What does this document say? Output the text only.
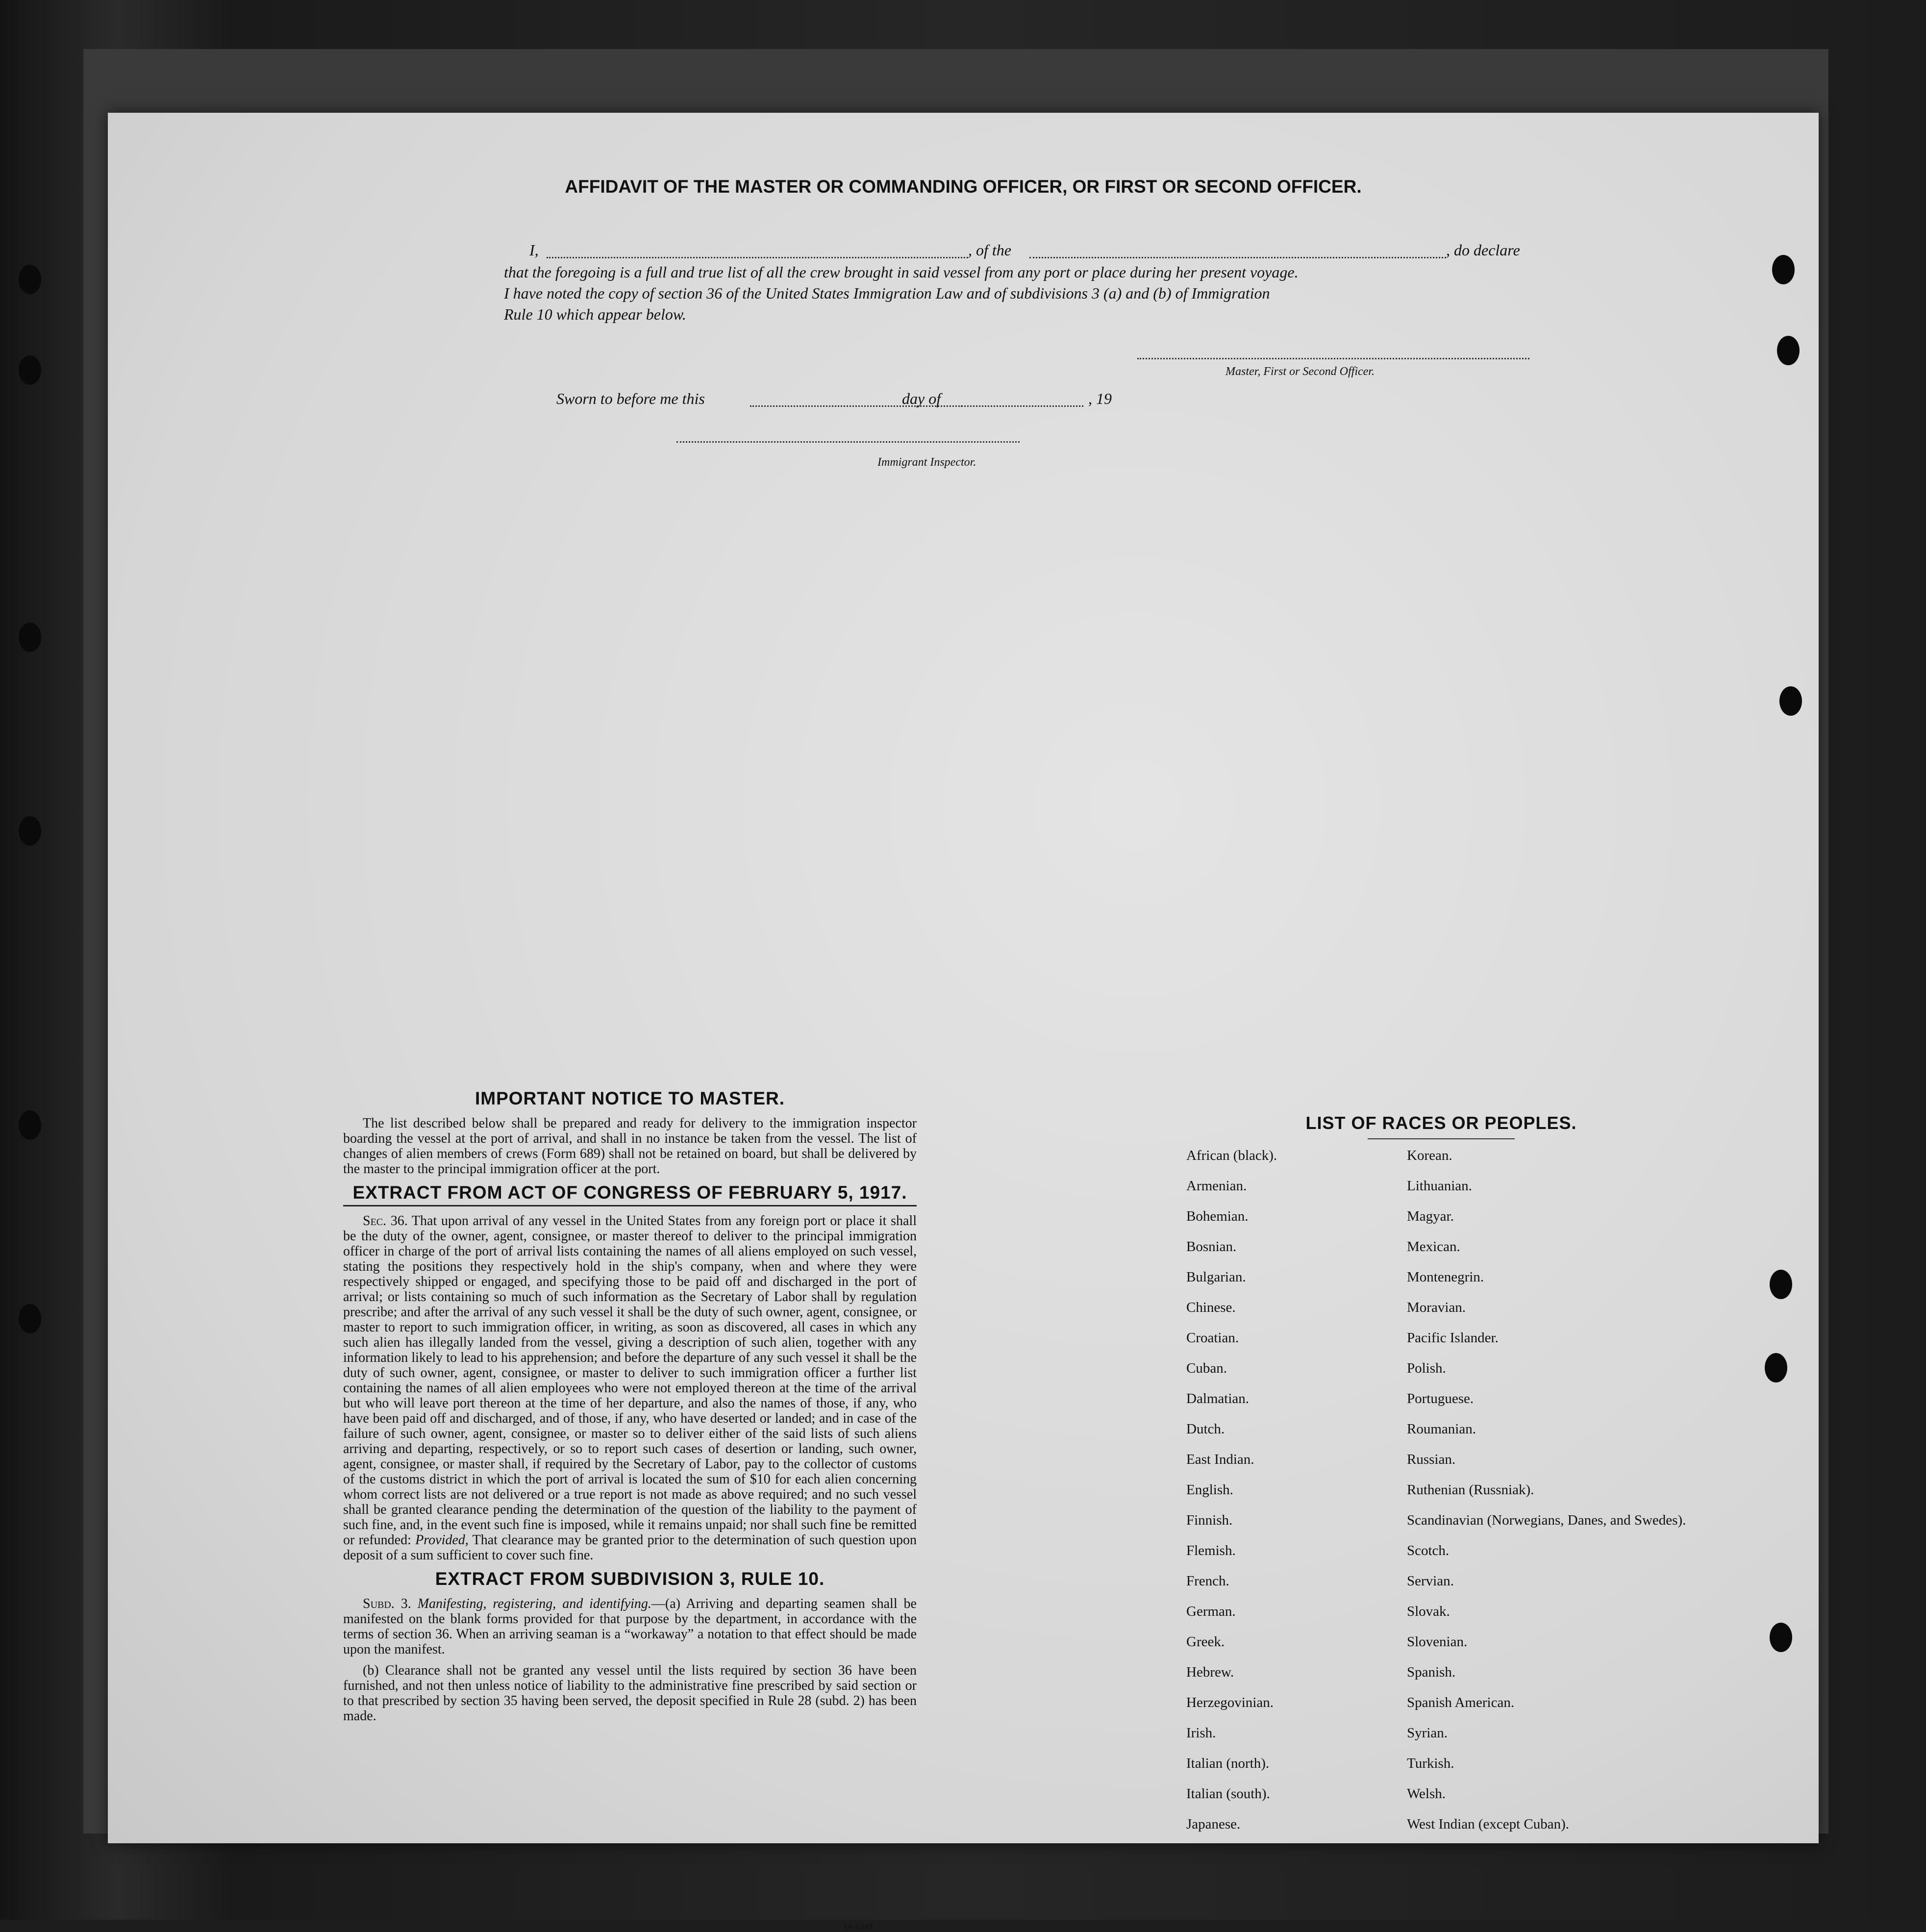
AFFIDAVIT OF THE MASTER OR COMMANDING OFFICER, OR FIRST OR SECOND OFFICER.
I,	, of the	, do declare
that the foregoing is a full and true list of all the crew brought in said vessel from any port or place during her present voyage.
I have noted the copy of section 36 of the United States Immigration Law and of subdivisions 3 (a) and (b) of Immigration
Rule 10 which appear below.
Master, First or Second Officer.
Sworn to before me this	day of	, 19
Immigrant Inspector.
IMPORTANT NOTICE TO MASTER.

The list described below shall be prepared and ready for delivery to the immigration inspector boarding the vessel at the port of arrival, and shall in no instance be taken from the vessel. The list of changes of alien members of crews (Form 689) shall not be retained on board, but shall be delivered by the master to the principal immigration officer at the port.

EXTRACT FROM ACT OF CONGRESS OF FEBRUARY 5, 1917.

Sec. 36. That upon arrival of any vessel in the United States from any foreign port or place it shall be the duty of the owner, agent, consignee, or master thereof to deliver to the principal immigration officer in charge of the port of arrival lists containing the names of all aliens employed on such vessel, stating the positions they respectively hold in the ship's company, when and where they were respectively shipped or engaged, and specifying those to be paid off and discharged in the port of arrival; or lists containing so much of such information as the Secretary of Labor shall by regulation prescribe; and after the arrival of any such vessel it shall be the duty of such owner, agent, consignee, or master to report to such immigration officer, in writing, as soon as discovered, all cases in which any such alien has illegally landed from the vessel, giving a description of such alien, together with any information likely to lead to his apprehension; and before the departure of any such vessel it shall be the duty of such owner, agent, consignee, or master to deliver to such immigration officer a further list containing the names of all alien employees who were not employed thereon at the time of the arrival but who will leave port thereon at the time of her departure, and also the names of those, if any, who have been paid off and discharged, and of those, if any, who have deserted or landed; and in case of the failure of such owner, agent, consignee, or master so to deliver either of the said lists of such aliens arriving and departing, respectively, or so to report such cases of desertion or landing, such owner, agent, consignee, or master shall, if required by the Secretary of Labor, pay to the collector of customs of the customs district in which the port of arrival is located the sum of $10 for each alien concerning whom correct lists are not delivered or a true report is not made as above required; and no such vessel shall be granted clearance pending the determination of the question of the liability to the payment of such fine, and, in the event such fine is imposed, while it remains unpaid; nor shall such fine be remitted or refunded: Provided, That clearance may be granted prior to the determination of such question upon deposit of a sum sufficient to cover such fine.

EXTRACT FROM SUBDIVISION 3, RULE 10.

Subd. 3. Manifesting, registering, and identifying.—(a) Arriving and departing seamen shall be manifested on the blank forms provided for that purpose by the department, in accordance with the terms of section 36. When an arriving seaman is a “workaway” a notation to that effect should be made upon the manifest.

(b) Clearance shall not be granted any vessel until the lists required by section 36 have been furnished, and not then unless notice of liability to the administrative fine prescribed by said section or to that prescribed by section 35 having been served, the deposit specified in Rule 28 (subd. 2) has been made.

14-1349
LIST OF RACES OR PEOPLES.
African (black).	Korean.
Armenian.	Lithuanian.
Bohemian.	Magyar.
Bosnian.	Mexican.
Bulgarian.	Montenegrin.
Chinese.	Moravian.
Croatian.	Pacific Islander.
Cuban.	Polish.
Dalmatian.	Portuguese.
Dutch.	Roumanian.
East Indian.	Russian.
English.	Ruthenian (Russniak).
Finnish.	Scandinavian (Norwegians, Danes, and Swedes).
Flemish.	Scotch.
French.	Servian.
German.	Slovak.
Greek.	Slovenian.
Hebrew.	Spanish.
Herzegovinian.	Spanish American.
Irish.	Syrian.
Italian (north).	Turkish.
Italian (south).	Welsh.
Japanese.	West Indian (except Cuban).
